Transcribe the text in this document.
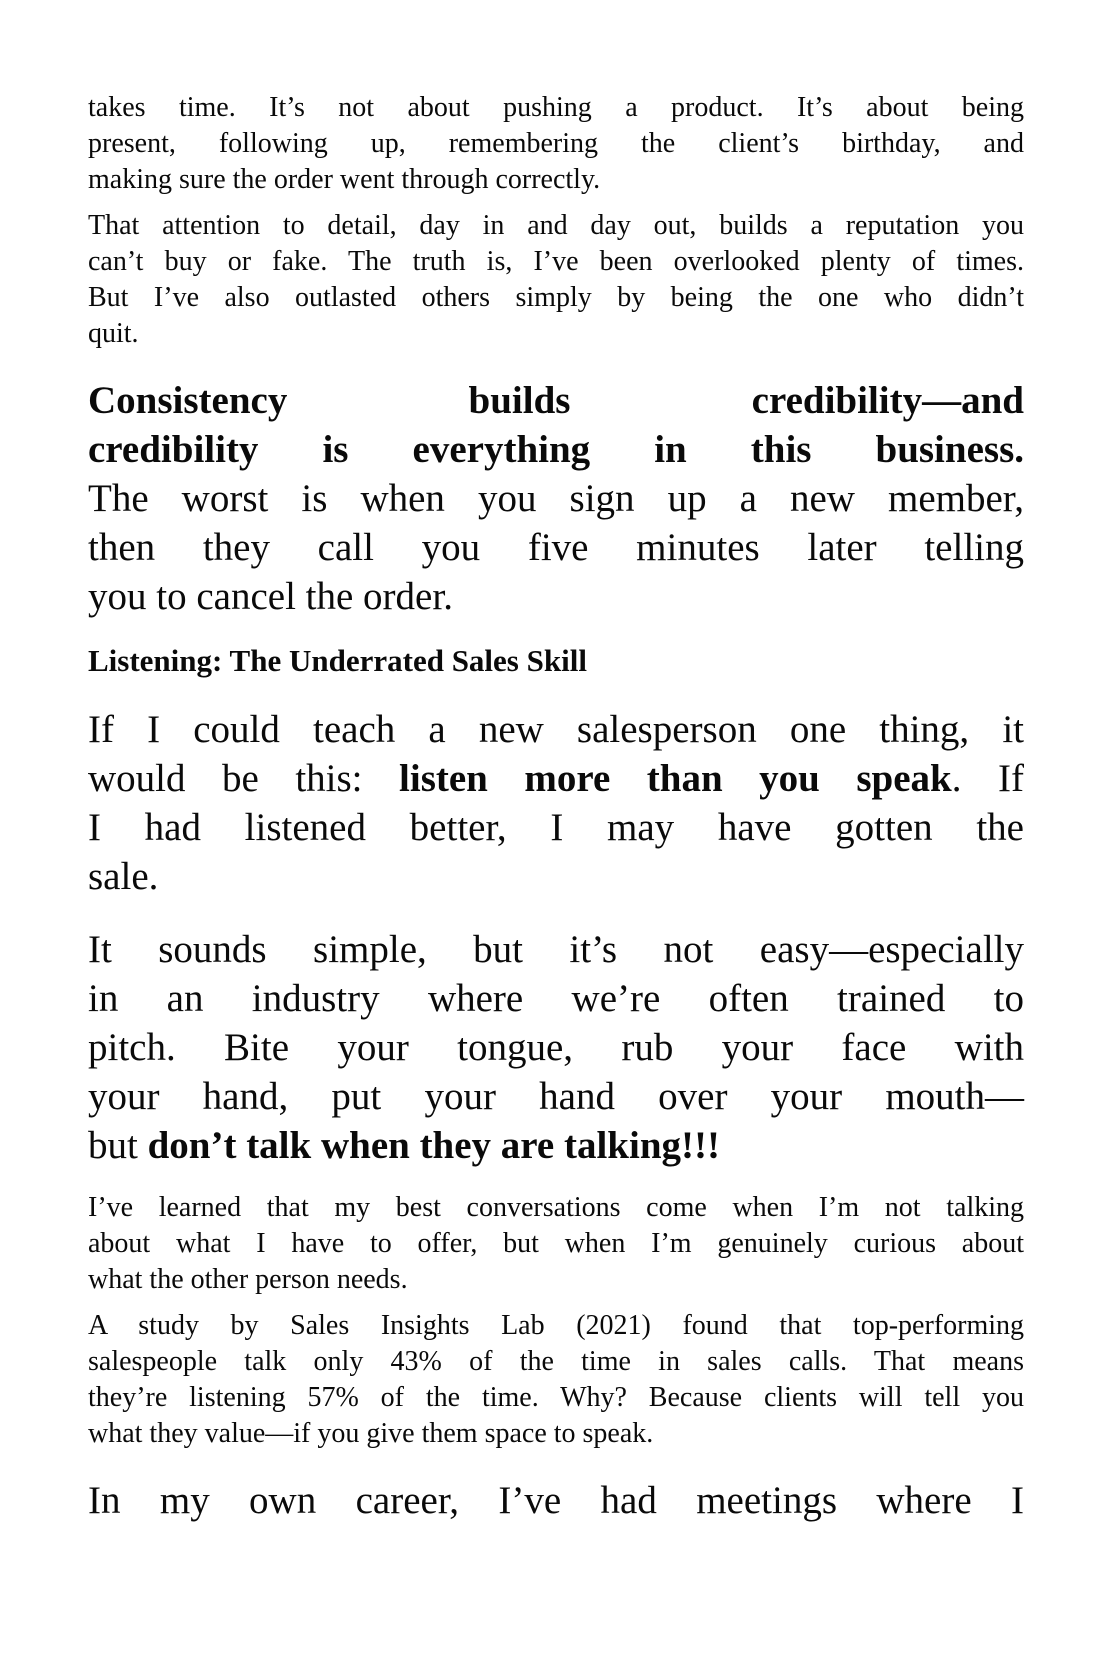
takes time. It’s not about pushing a product. It’s about being
present, following up, remembering the client’s birthday, and
making sure the order went through correctly.
That attention to detail, day in and day out, builds a reputation you
can’t buy or fake. The truth is, I’ve been overlooked plenty of times.
But I’ve also outlasted others simply by being the one who didn’t
quit.
Consistency builds credibility—and
credibility is everything in this business.
The worst is when you sign up a new member,
then they call you five minutes later telling
you to cancel the order.
Listening: The Underrated Sales Skill
If I could teach a new salesperson one thing, it
would be this: listen more than you speak. If
I had listened better, I may have gotten the
sale.
It sounds simple, but it’s not easy—especially
in an industry where we’re often trained to
pitch. Bite your tongue, rub your face with
your hand, put your hand over your mouth—
but don’t talk when they are talking!!!
I’ve learned that my best conversations come when I’m not talking
about what I have to offer, but when I’m genuinely curious about
what the other person needs.
A study by Sales Insights Lab (2021) found that top-performing
salespeople talk only 43% of the time in sales calls. That means
they’re listening 57% of the time. Why? Because clients will tell you
what they value—if you give them space to speak.
In my own career, I’ve had meetings where I
